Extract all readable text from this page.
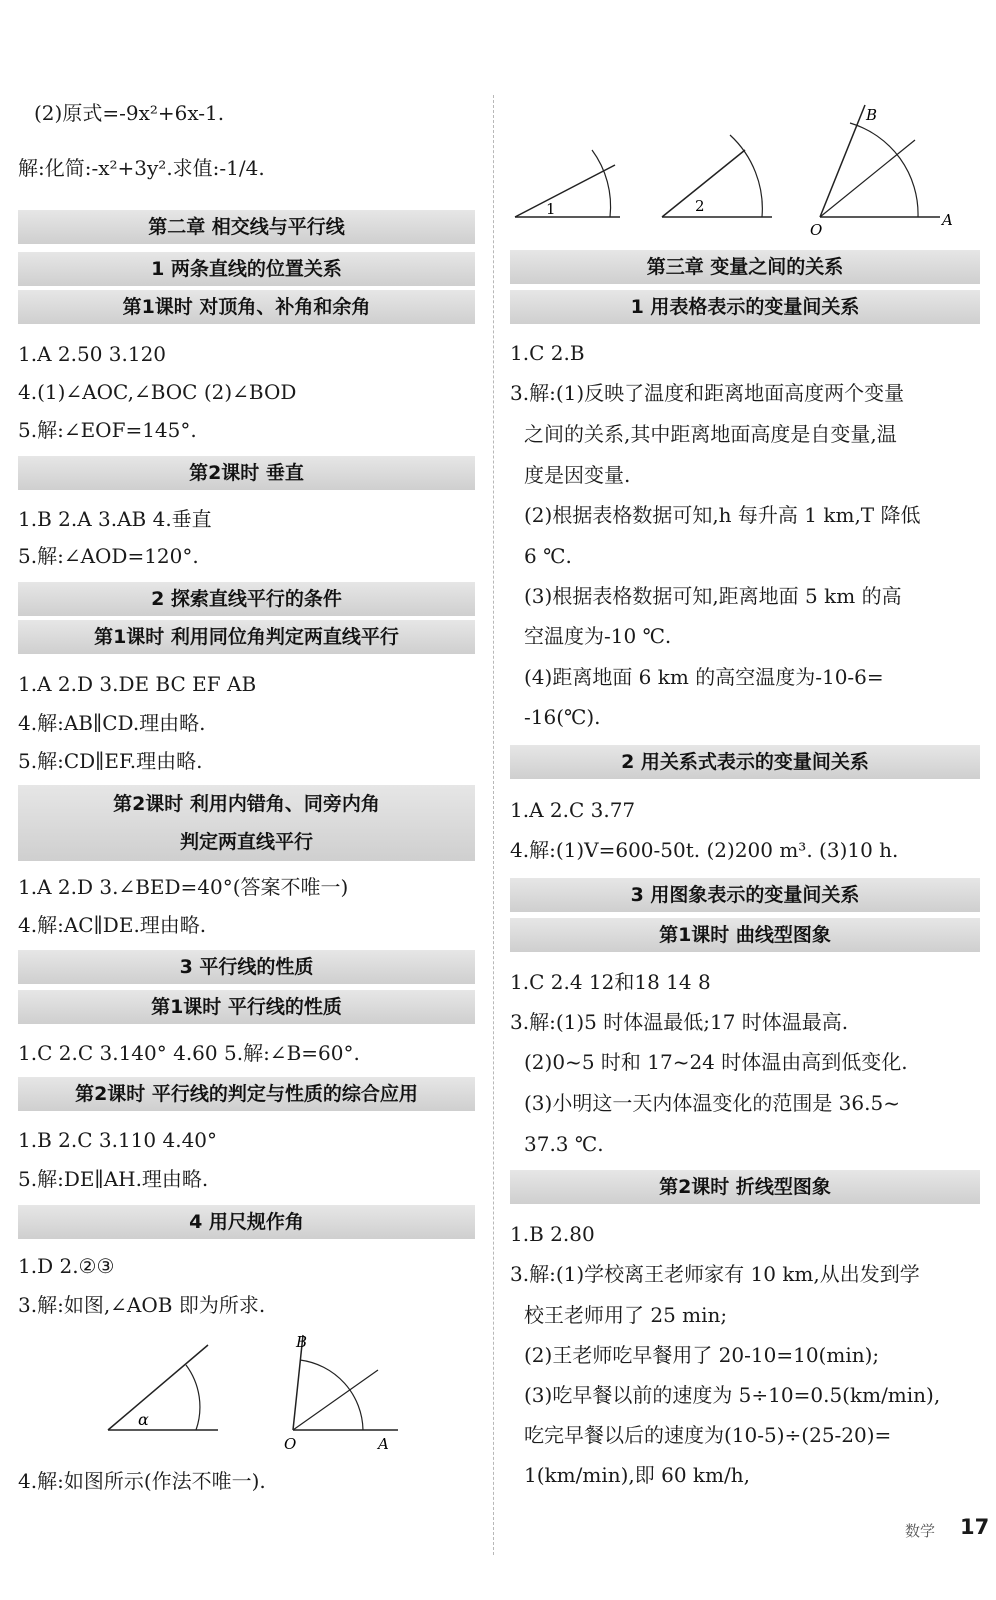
(2)原式=-9x²+6x-1.
解:化简:-x²+3y².求值:-1/4.
第二章 相交线与平行线
1 两条直线的位置关系
第1课时 对顶角、补角和余角
1.A 2.50 3.120
4.(1)∠AOC,∠BOC (2)∠BOD
5.解:∠EOF=145°.
第2课时 垂直
1.B 2.A 3.AB 4.垂直
5.解:∠AOD=120°.
2 探索直线平行的条件
第1课时 利用同位角判定两直线平行
1.A 2.D 3.DE BC EF AB
4.解:AB∥CD.理由略.
5.解:CD∥EF.理由略.
第2课时 利用内错角、同旁内角
判定两直线平行
1.A 2.D 3.∠BED=40°(答案不唯一)
4.解:AC∥DE.理由略.
3 平行线的性质
第1课时 平行线的性质
1.C 2.C 3.140° 4.60 5.解:∠B=60°.
第2课时 平行线的判定与性质的综合应用
1.B 2.C 3.110 4.40°
5.解:DE∥AH.理由略.
4 用尺规作角
1.D 2.②③
3.解:如图,∠AOB 即为所求.
α
B
O	A
4.解:如图所示(作法不唯一).
1	2
B
O
A
第三章 变量之间的关系
1 用表格表示的变量间关系
1.C 2.B
3.解:(1)反映了温度和距离地面高度两个变量
之间的关系,其中距离地面高度是自变量,温
度是因变量.
(2)根据表格数据可知,h 每升高 1 km,T 降低
6 ℃.
(3)根据表格数据可知,距离地面 5 km 的高
空温度为-10 ℃.
(4)距离地面 6 km 的高空温度为-10-6=
-16(℃).
2 用关系式表示的变量间关系
1.A 2.C 3.77
4.解:(1)V=600-50t. (2)200 m³. (3)10 h.
3 用图象表示的变量间关系
第1课时 曲线型图象
1.C 2.4 12和18 14 8
3.解:(1)5 时体温最低;17 时体温最高.
(2)0~5 时和 17~24 时体温由高到低变化.
(3)小明这一天内体温变化的范围是 36.5~
37.3 ℃.
第2课时 折线型图象
1.B 2.80
3.解:(1)学校离王老师家有 10 km,从出发到学
校王老师用了 25 min;
(2)王老师吃早餐用了 20-10=10(min);
(3)吃早餐以前的速度为 5÷10=0.5(km/min),
吃完早餐以后的速度为(10-5)÷(25-20)=
1(km/min),即 60 km/h,
数学 17
